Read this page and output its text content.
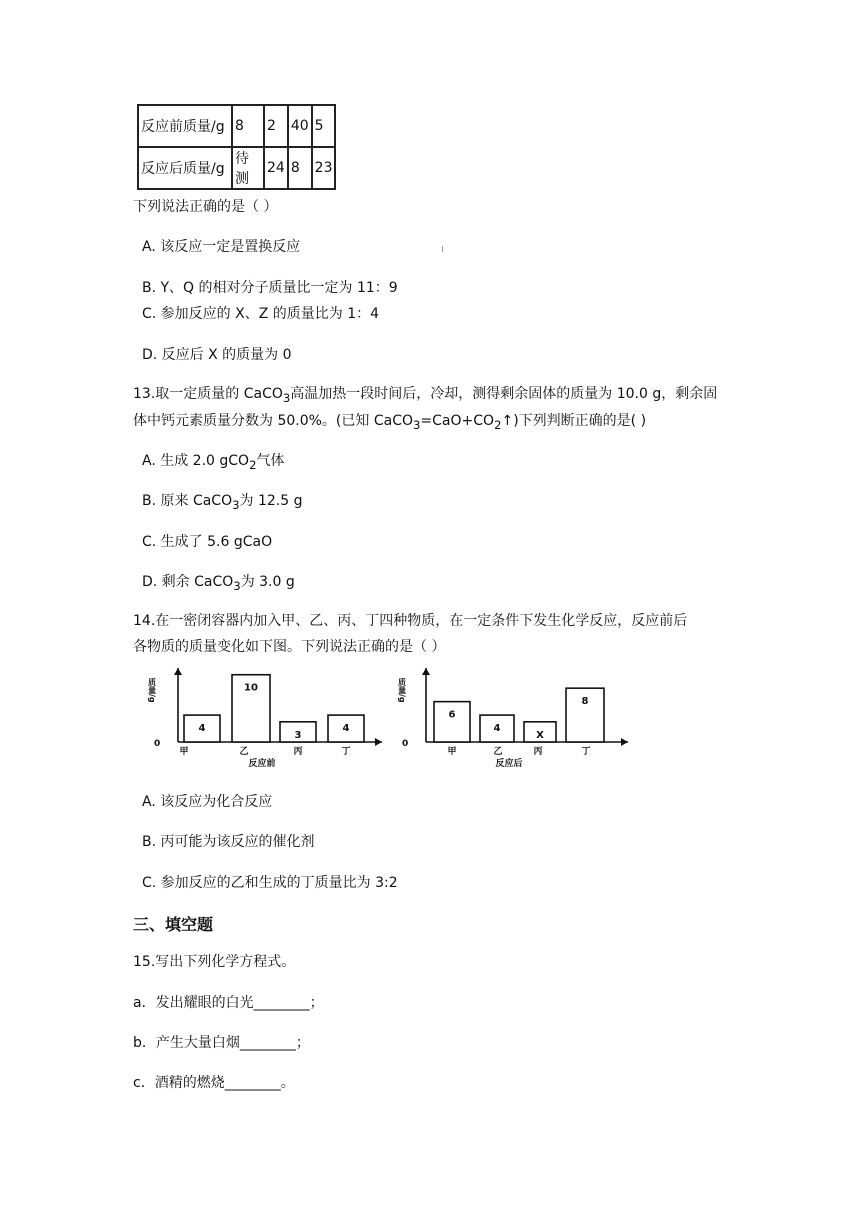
反应前质量/g	8	2	40	5
反应后质量/g	待测	24	8	23
下列说法正确的是（ ）
A. 该反应一定是置换反应
B. Y、Q 的相对分子质量比一定为 11：9
C. 参加反应的 X、Z 的质量比为 1：4
D. 反应后 X 的质量为 0
13.取一定质量的 CaCO$_3$高温加热一段时间后，冷却，测得剩余固体的质量为 10.0 g，剩余固
体中钙元素质量分数为 50.0%。(已知 $CaCO_3=CaO+CO_2↑$)下列判断正确的是( )
A. 生成 2.0 gCO$_2$气体
B. 原来 CaCO$_3$为 12.5 g
C. 生成了 5.6 gCaO
D. 剩余 CaCO$_3$为 3.0 g
14.在一密闭容器内加入甲、乙、丙、丁四种物质，在一定条件下发生化学反应，反应前后
各物质的质量变化如下图。下列说法正确的是（ ）
质量/g
0
4
甲
10
乙
3
丙
4
丁
反应前
质量/g
0
6
甲
4
乙
X
丙
8
丁
反应后
A. 该反应为化合反应
B. 丙可能为该反应的催化剂
C. 参加反应的乙和生成的丁质量比为 3:2
三、填空题
15.写出下列化学方程式。
a．发出耀眼的白光________；
b．产生大量白烟________；
c．酒精的燃烧________。
